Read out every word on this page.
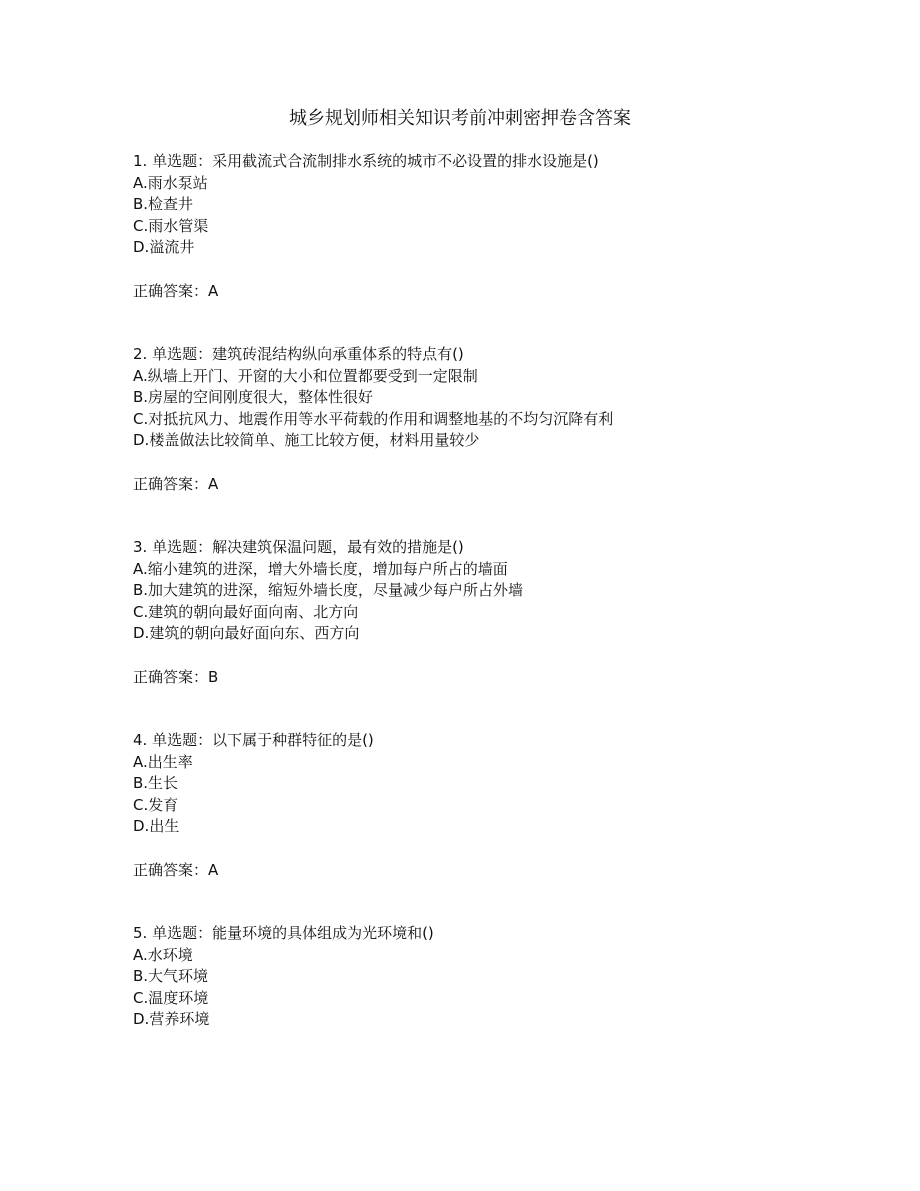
城乡规划师相关知识考前冲刺密押卷含答案
1. 单选题：采用截流式合流制排水系统的城市不必设置的排水设施是()
A.雨水泵站
B.检查井
C.雨水管渠
D.溢流井
正确答案：A
2. 单选题：建筑砖混结构纵向承重体系的特点有()
A.纵墙上开门、开窗的大小和位置都要受到一定限制
B.房屋的空间刚度很大，整体性很好
C.对抵抗风力、地震作用等水平荷载的作用和调整地基的不均匀沉降有利
D.楼盖做法比较简单、施工比较方便，材料用量较少
正确答案：A
3. 单选题：解决建筑保温问题，最有效的措施是()
A.缩小建筑的进深，增大外墙长度，增加每户所占的墙面
B.加大建筑的进深，缩短外墙长度，尽量减少每户所占外墙
C.建筑的朝向最好面向南、北方向
D.建筑的朝向最好面向东、西方向
正确答案：B
4. 单选题：以下属于种群特征的是()
A.出生率
B.生长
C.发育
D.出生
正确答案：A
5. 单选题：能量环境的具体组成为光环境和()
A.水环境
B.大气环境
C.温度环境
D.营养环境
